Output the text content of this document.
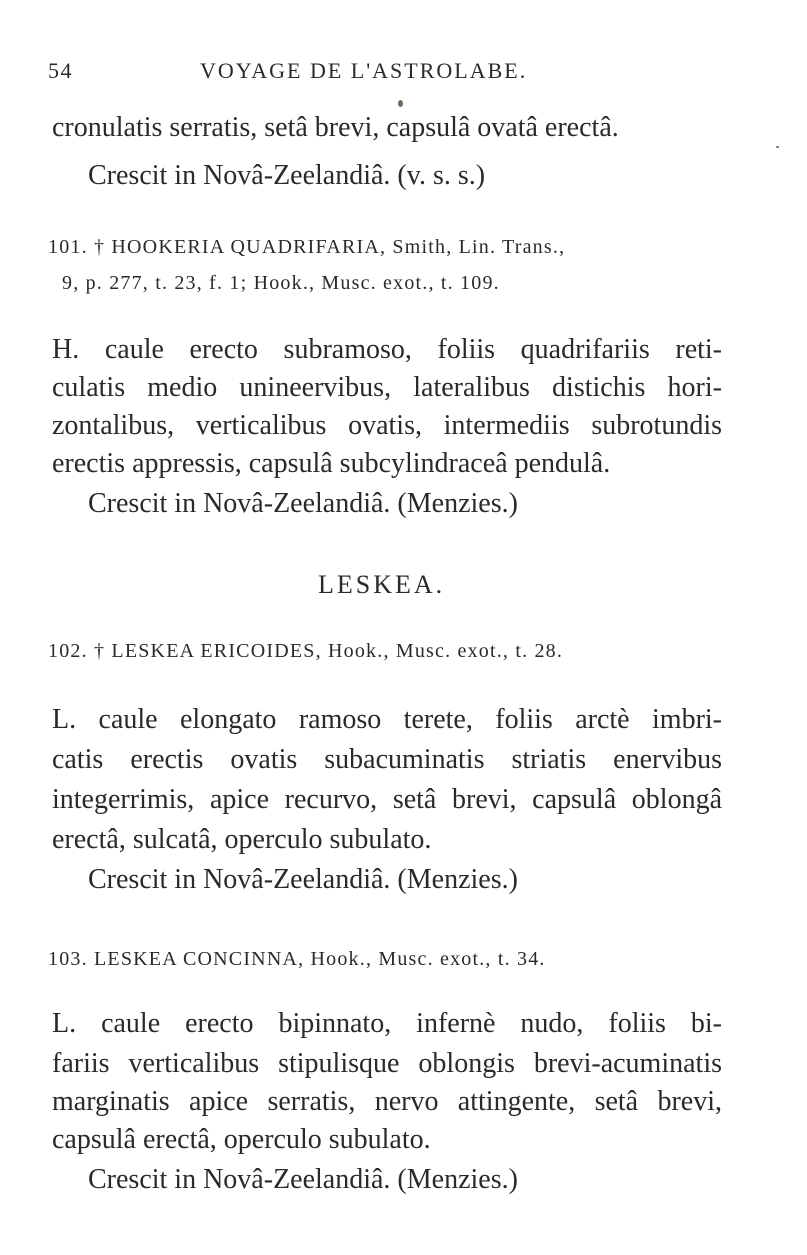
54	VOYAGE DE L'ASTROLABE.
cronulatis serratis, setâ brevi, capsulâ ovatâ erectâ.
Crescit in Novâ-Zeelandiâ. (v. s. s.)
101. † HOOKERIA QUADRIFARIA, Smith, Lin. Trans.,
9, p. 277, t. 23, f. 1; Hook., Musc. exot., t. 109.
H. caule erecto subramoso, foliis quadrifariis reti-
culatis medio unineervibus, lateralibus distichis hori-
zontalibus, verticalibus ovatis, intermediis subrotundis
erectis appressis, capsulâ subcylindraceâ pendulâ.
Crescit in Novâ-Zeelandiâ. (Menzies.)
LESKEA.
102. † LESKEA ERICOIDES, Hook., Musc. exot., t. 28.
L. caule elongato ramoso terete, foliis arctè imbri-
catis erectis ovatis subacuminatis striatis enervibus
integerrimis, apice recurvo, setâ brevi, capsulâ oblongâ
erectâ, sulcatâ, operculo subulato.
Crescit in Novâ-Zeelandiâ. (Menzies.)
103. LESKEA CONCINNA, Hook., Musc. exot., t. 34.
L. caule erecto bipinnato, infernè nudo, foliis bi-
fariis verticalibus stipulisque oblongis brevi-acuminatis
marginatis apice serratis, nervo attingente, setâ brevi,
capsulâ erectâ, operculo subulato.
Crescit in Novâ-Zeelandiâ. (Menzies.)
